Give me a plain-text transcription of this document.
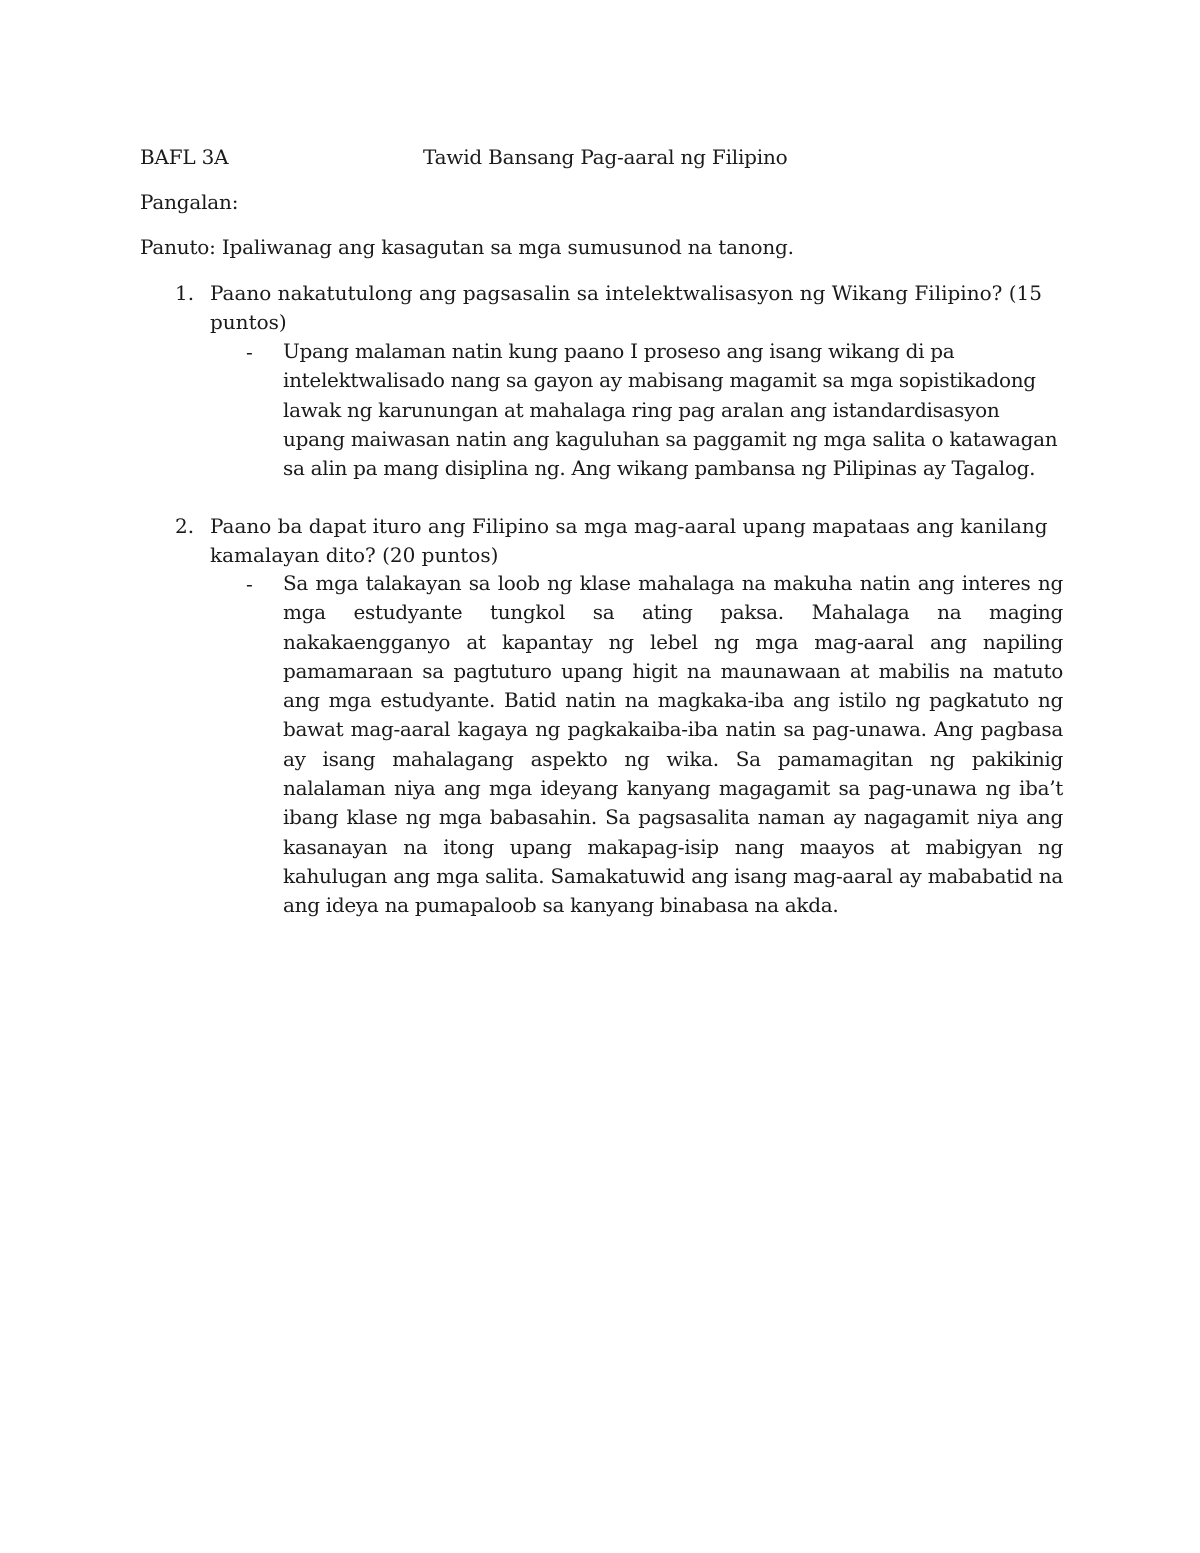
BAFL 3A	Tawid Bansang Pag-aaral ng Filipino
Pangalan:
Panuto: Ipaliwanag ang kasagutan sa mga sumusunod na tanong.
1. Paano nakatutulong ang pagsasalin sa intelektwalisasyon ng Wikang Filipino? (15 puntos)
- Upang malaman natin kung paano I proseso ang isang wikang di pa intelektwalisado nang sa gayon ay mabisang magamit sa mga sopistikadong lawak ng karunungan at mahalaga ring pag aralan ang istandardisasyon upang maiwasan natin ang kaguluhan sa paggamit ng mga salita o katawagan sa alin pa mang disiplina ng. Ang wikang pambansa ng Pilipinas ay Tagalog.
2. Paano ba dapat ituro ang Filipino sa mga mag-aaral upang mapataas ang kanilang kamalayan dito? (20 puntos)
- Sa mga talakayan sa loob ng klase mahalaga na makuha natin ang interes ng mga estudyante tungkol sa ating paksa. Mahalaga na maging nakakaengganyo at kapantay ng lebel ng mga mag-aaral ang napiling pamamaraan sa pagtuturo upang higit na maunawaan at mabilis na matuto ang mga estudyante. Batid natin na magkaka-iba ang istilo ng pagkatuto ng bawat mag-aaral kagaya ng pagkakaiba-iba natin sa pag-unawa. Ang pagbasa ay isang mahalagang aspekto ng wika. Sa pamamagitan ng pakikinig nalalaman niya ang mga ideyang kanyang magagamit sa pag-unawa ng iba’t ibang klase ng mga babasahin. Sa pagsasalita naman ay nagagamit niya ang kasanayan na itong upang makapag-isip nang maayos at mabigyan ng kahulugan ang mga salita. Samakatuwid ang isang mag-aaral ay mababatid na ang ideya na pumapaloob sa kanyang binabasa na akda.
